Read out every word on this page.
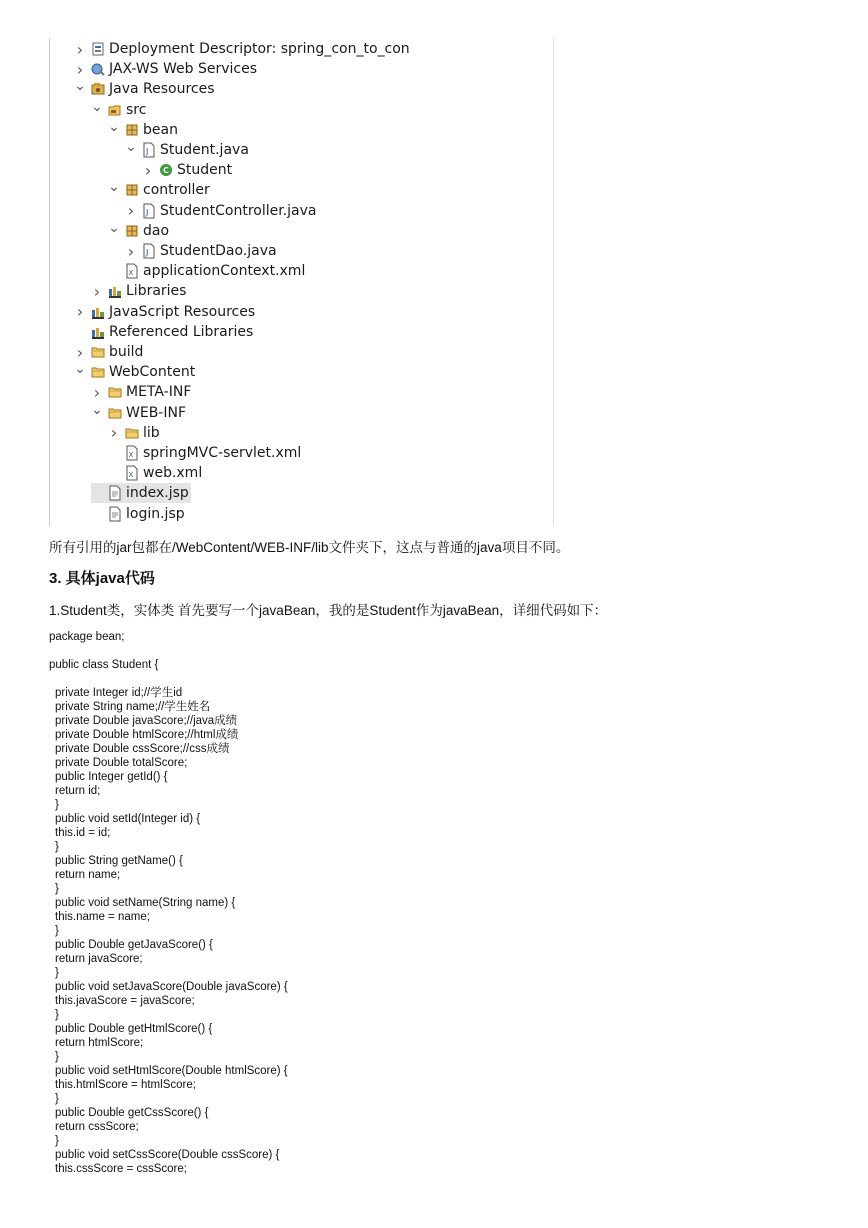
› Deployment Descriptor: spring_con_to_con
› JAX-WS Web Services
⌄ Java Resources
⌄ src
⌄ bean
⌄ J Student.java
›	C Student
⌄ controller
›	J StudentController.java
⌄ dao
›	J StudentDao.java
X applicationContext.xml
› Libraries
› JavaScript Resources
Referenced Libraries
› build
⌄ WebContent
› META-INF
⌄ WEB-INF
› lib
X springMVC-servlet.xml
X web.xml
index.jsp
login.jsp
所有引用的jar包都在/WebContent/WEB-INF/lib文件夹下，这点与普通的java项目不同。
3. 具体java代码
1.Student类，实体类 首先要写一个javaBean，我的是Student作为javaBean，详细代码如下：
package bean;
public class Student {
private Integer id;//学生id
private String name;//学生姓名
private Double javaScore;//java成绩
private Double htmlScore;//html成绩
private Double cssScore;//css成绩
private Double totalScore;
public Integer getId() {
return id;
}
public void setId(Integer id) {
this.id = id;
}
public String getName() {
return name;
}
public void setName(String name) {
this.name = name;
}
public Double getJavaScore() {
return javaScore;
}
public void setJavaScore(Double javaScore) {
this.javaScore = javaScore;
}
public Double getHtmlScore() {
return htmlScore;
}
public void setHtmlScore(Double htmlScore) {
this.htmlScore = htmlScore;
}
public Double getCssScore() {
return cssScore;
}
public void setCssScore(Double cssScore) {
this.cssScore = cssScore;
